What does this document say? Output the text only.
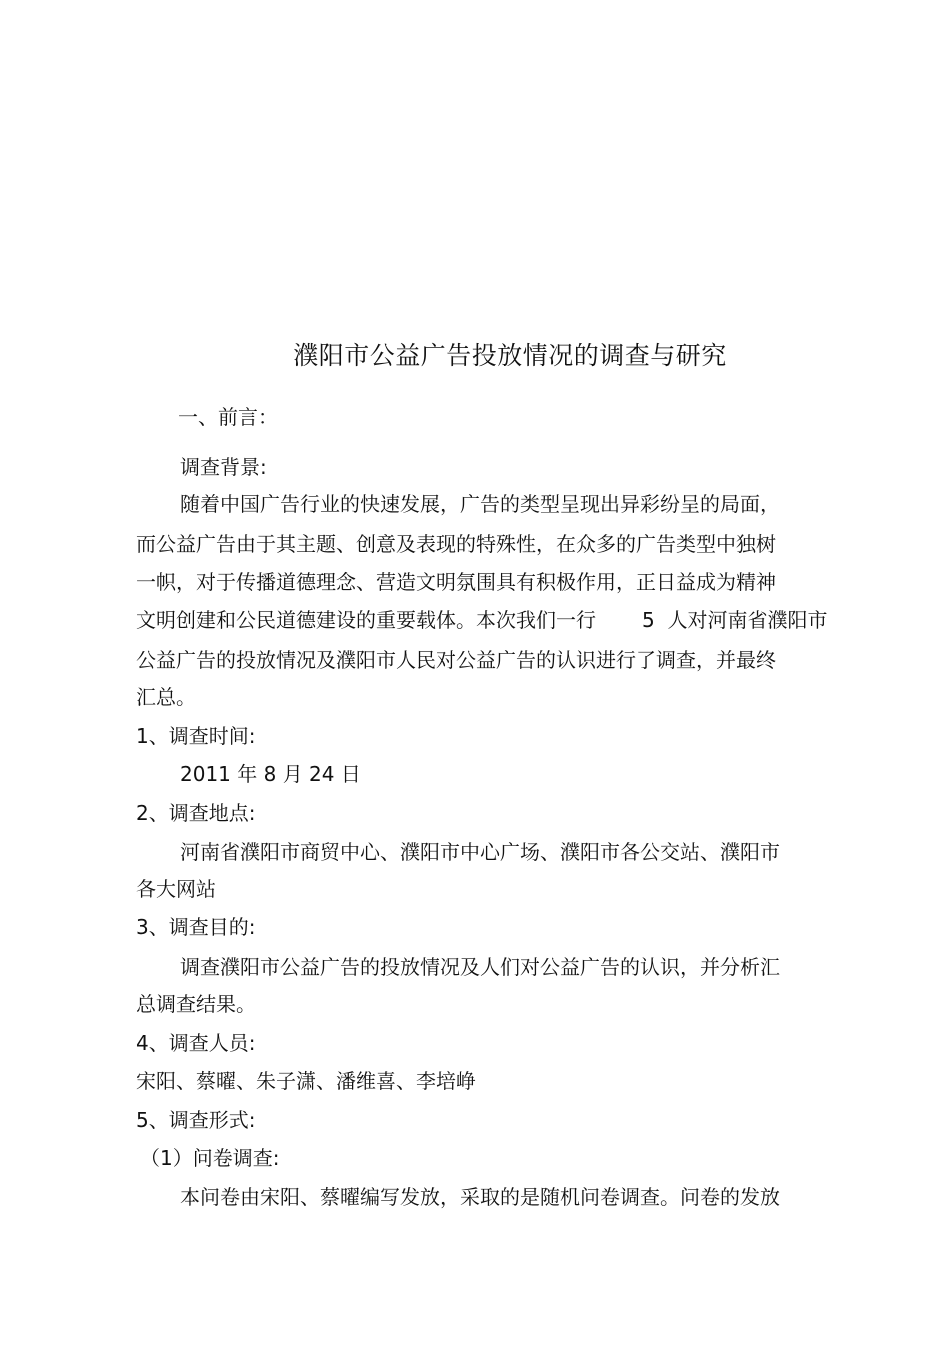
濮阳市公益广告投放情况的调查与研究
一、前言：
调查背景:
随着中国广告行业的快速发展，广告的类型呈现出异彩纷呈的局面，
而公益广告由于其主题、创意及表现的特殊性，在众多的广告类型中独树
一帜，对于传播道德理念、营造文明氛围具有积极作用，正日益成为精神
文明创建和公民道德建设的重要载体。本次我们一行 5 人对河南省濮阳市
公益广告的投放情况及濮阳市人民对公益广告的认识进行了调查，并最终
汇总。
1、调查时间:
2011 年 8 月 24 日
2、调查地点:
河南省濮阳市商贸中心、濮阳市中心广场、濮阳市各公交站、濮阳市
各大网站
3、调查目的:
调查濮阳市公益广告的投放情况及人们对公益广告的认识，并分析汇
总调查结果。
4、调查人员:
宋阳、蔡曜、朱子潇、潘维喜、李培峥
5、调查形式:
（1）问卷调查:
本问卷由宋阳、蔡曜编写发放，采取的是随机问卷调查。问卷的发放
